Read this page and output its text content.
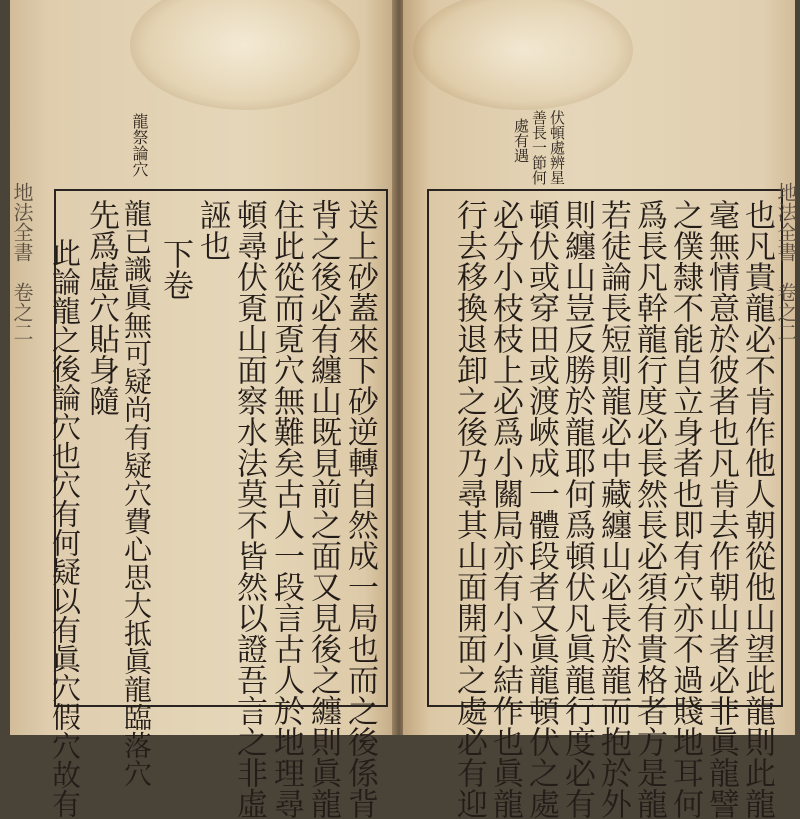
龍祭論穴
地法全書　卷之二	送上砂蓋來下砂逆轉自然成一局也而之後係背
背之後必有纏山既見前之面又見後之纏則眞龍
住此從而覔穴無難矣古人一段言古人於地理尋
頓尋伏覔山面察水法莫不皆然以證吾言之非虛
誣也
下卷
龍已識眞無可疑尚有疑穴費心思大抵眞龍臨落穴
先爲虛穴貼身隨
此論龍之後論穴也穴有何疑以有眞穴假穴故有
伏頓處辨星
善長一節何
處有遇
地法全書　卷之二
也凡貴龍必不肯作他人朝從他山望此龍則此龍
毫無情意於彼者也凡肯去作朝山者必非眞龍譬
之僕隸不能自立身者也即有穴亦不過賤地耳何
爲長凡幹龍行度必長然長必須有貴格者方是龍
若徒論長短則龍必中藏纏山必長於龍而抱於外
則纏山豈反勝於龍耶何爲頓伏凡眞龍行度必有
頓伏或穿田或渡峽成一體段者又眞龍頓伏之處
必分小枝枝上必爲小關局亦有小小結作也眞龍
行去移換退卸之後乃尋其山面開面之處必有迎
